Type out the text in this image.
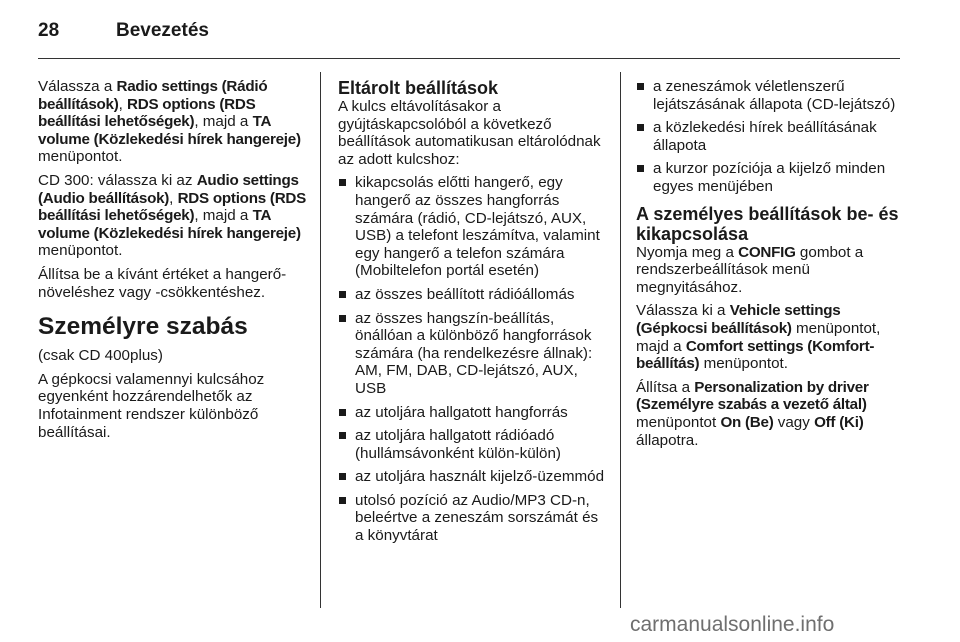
28	Bevezetés

Válassza a Radio settings (Rádió beállítások), RDS options (RDS beállítási lehetőségek), majd a TA volume (Közlekedési hírek hangereje) menüpontot.

CD 300: válassza ki az Audio settings (Audio beállítások), RDS options (RDS beállítási lehetőségek), majd a TA volume (Közlekedési hírek hangereje) menüpontot.

Állítsa be a kívánt értéket a hangerő-növeléshez vagy -csökkentéshez.

Személyre szabás

(csak CD 400plus)

A gépkocsi valamennyi kulcsához egyenként hozzárendelhetők az Infotainment rendszer különböző beállításai.

Eltárolt beállítások

A kulcs eltávolításakor a gyújtáskapcsolóból a következő beállítások automatikusan eltárolódnak az adott kulcshoz:

kikapcsolás előtti hangerő, egy hangerő az összes hangforrás számára (rádió, CD-lejátszó, AUX, USB) a telefont leszámítva, valamint egy hangerő a telefon számára (Mobiltelefon portál esetén)
az összes beállított rádióállomás
az összes hangszín-beállítás, önállóan a különböző hangforrások számára (ha rendelkezésre állnak): AM, FM, DAB, CD-lejátszó, AUX, USB
az utoljára hallgatott hangforrás
az utoljára hallgatott rádióadó (hullámsávonként külön-külön)
az utoljára használt kijelző-üzemmód
utolsó pozíció az Audio/MP3 CD-n, beleértve a zeneszám sorszámát és a könyvtárat
a zeneszámok véletlenszerű lejátszásának állapota (CD-lejátszó)
a közlekedési hírek beállításának állapota
a kurzor pozíciója a kijelző minden egyes menüjében
A személyes beállítások be- és kikapcsolása

Nyomja meg a CONFIG gombot a rendszerbeállítások menü megnyitásához.

Válassza ki a Vehicle settings (Gépkocsi beállítások) menüpontot, majd a Comfort settings (Komfort-beállítás) menüpontot.

Állítsa a Personalization by driver (Személyre szabás a vezető által) menüpontot On (Be) vagy Off (Ki) állapotra.

carmanualsonline.info
